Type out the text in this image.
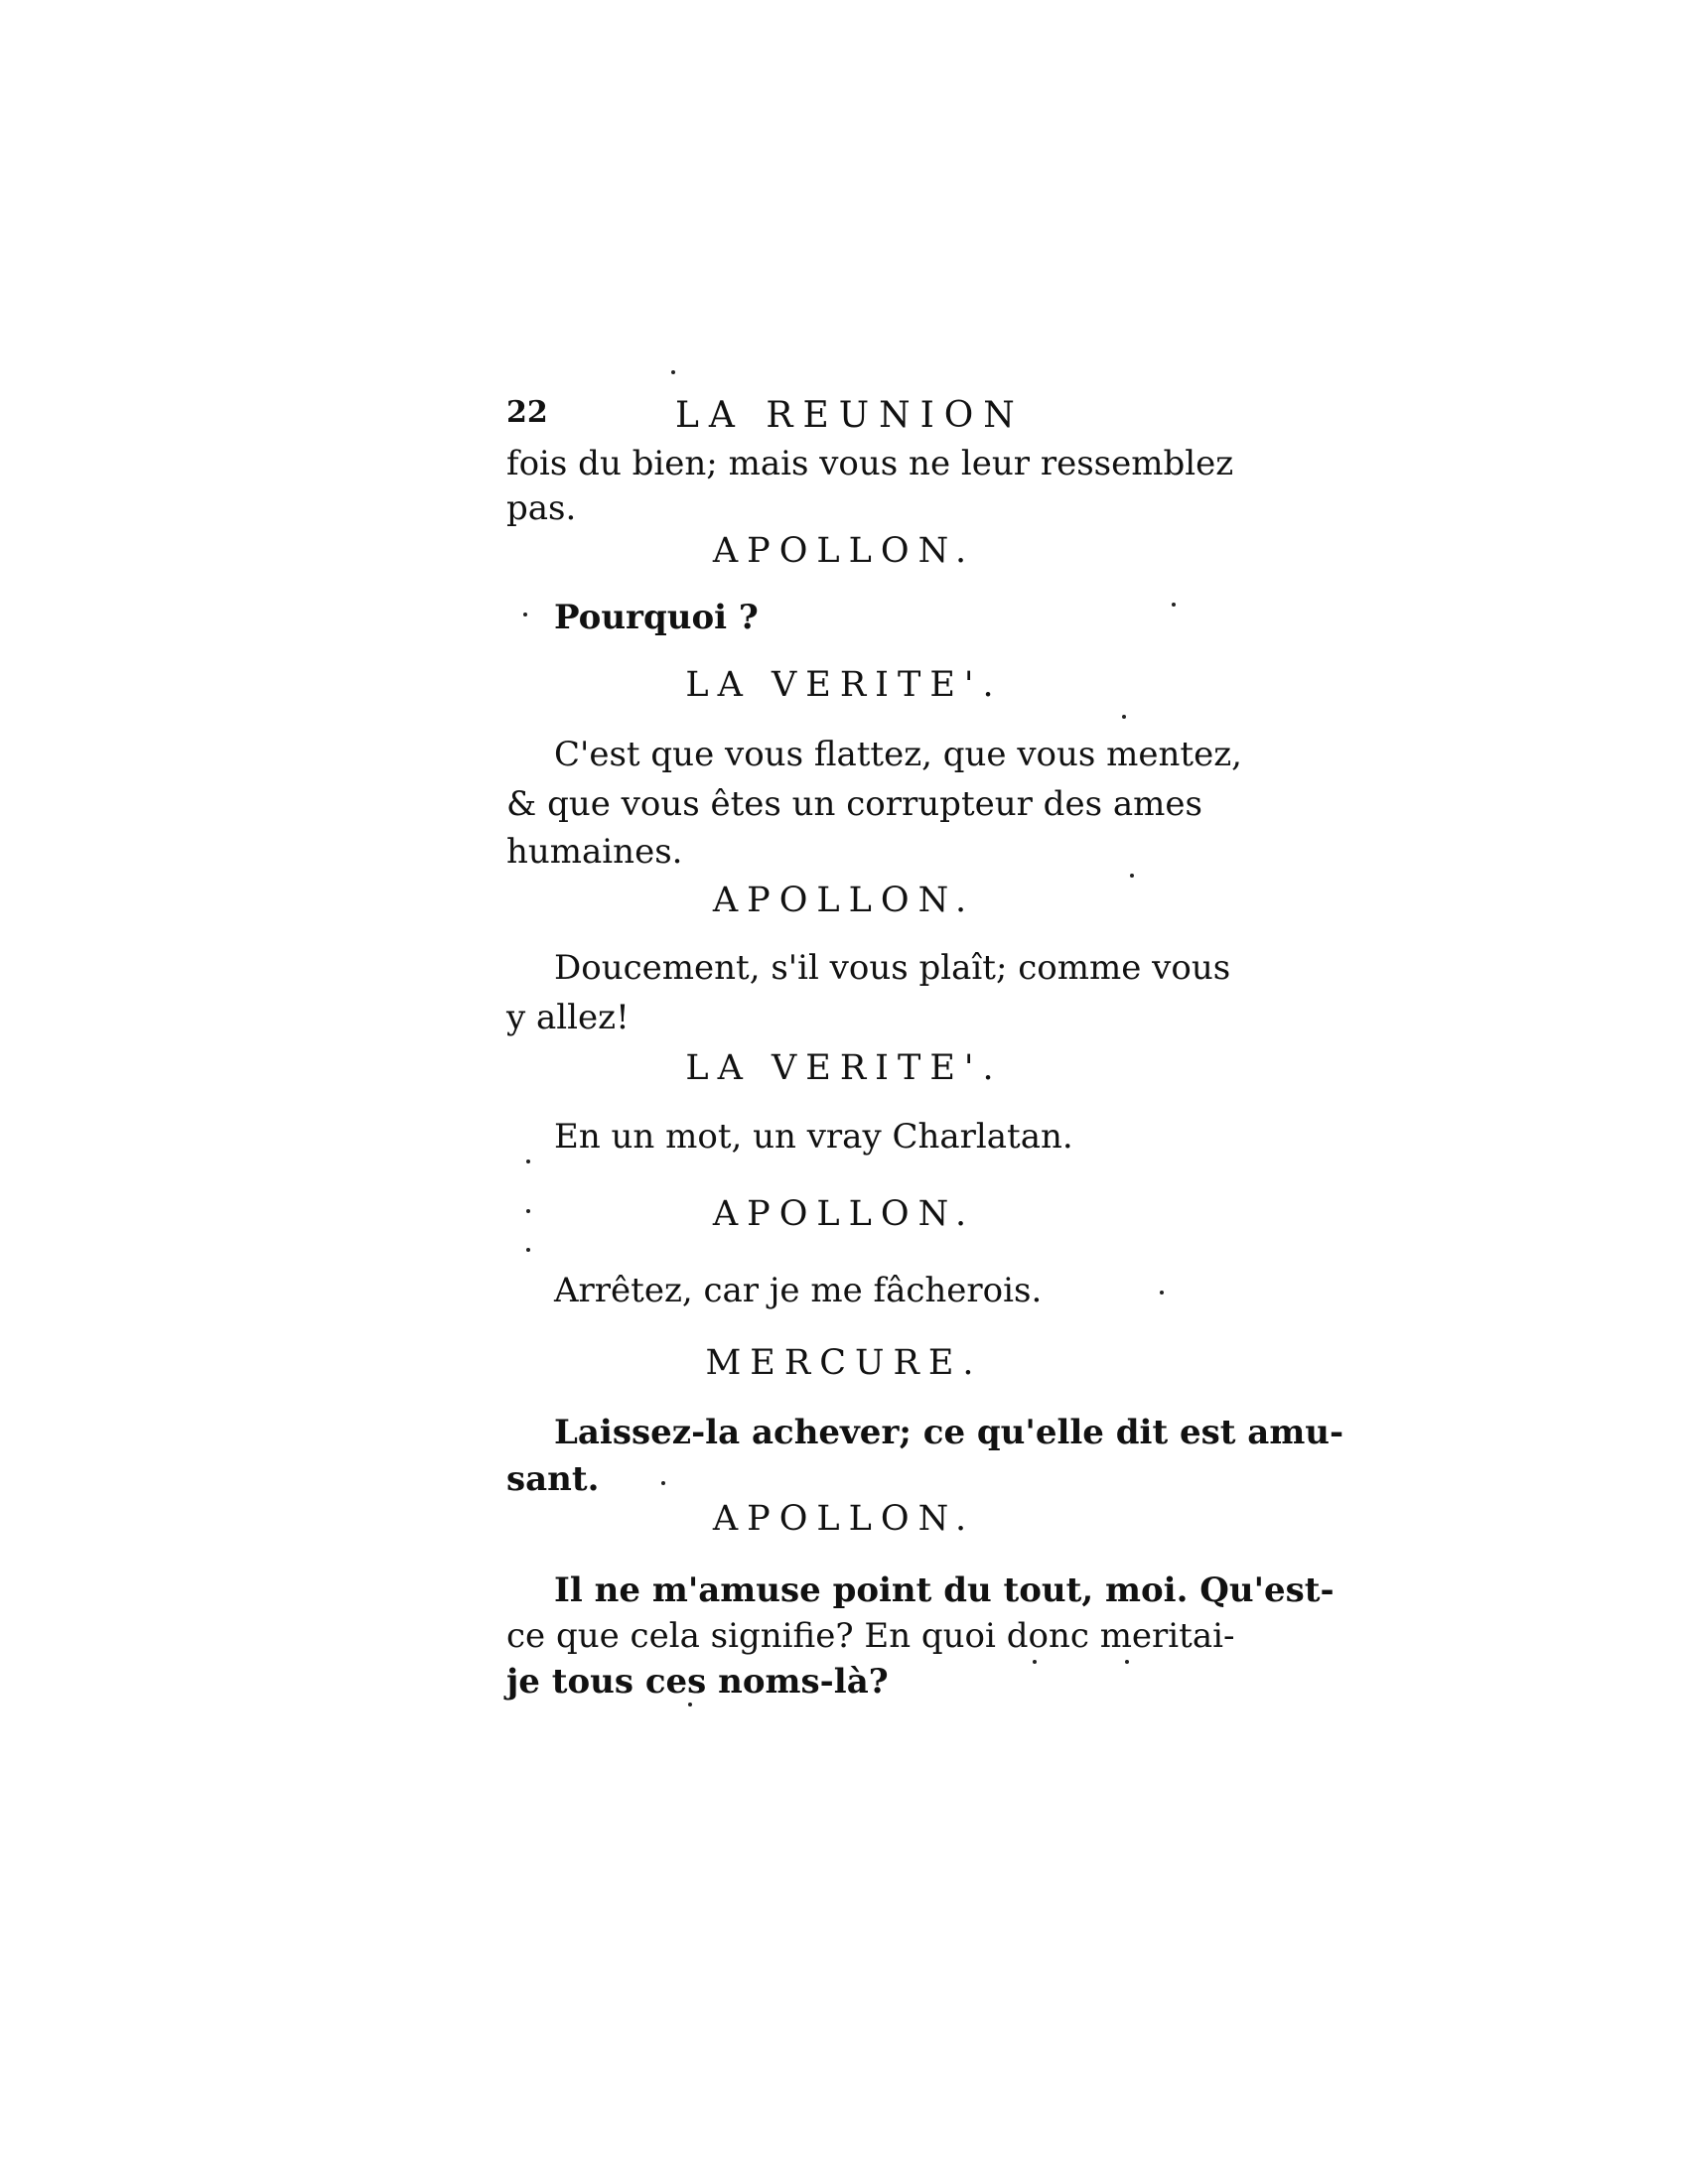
22	LA REUNION
fois du bien; mais vous ne leur ressemblez
pas.
APOLLON.
Pourquoi ?
LA VERITE'.
C'est que vous flattez, que vous mentez,
& que vous êtes un corrupteur des ames
humaines.
APOLLON.
Doucement, s'il vous plaît; comme vous
y allez!
LA VERITE'.
En un mot, un vray Charlatan.
APOLLON.
Arrêtez, car je me fâcherois.
MERCURE.
Laissez-la achever; ce qu'elle dit est amu-
sant.
APOLLON.
Il ne m'amuse point du tout, moi. Qu'est-
ce que cela signifie? En quoi donc meritai-
je tous ces noms-là?
